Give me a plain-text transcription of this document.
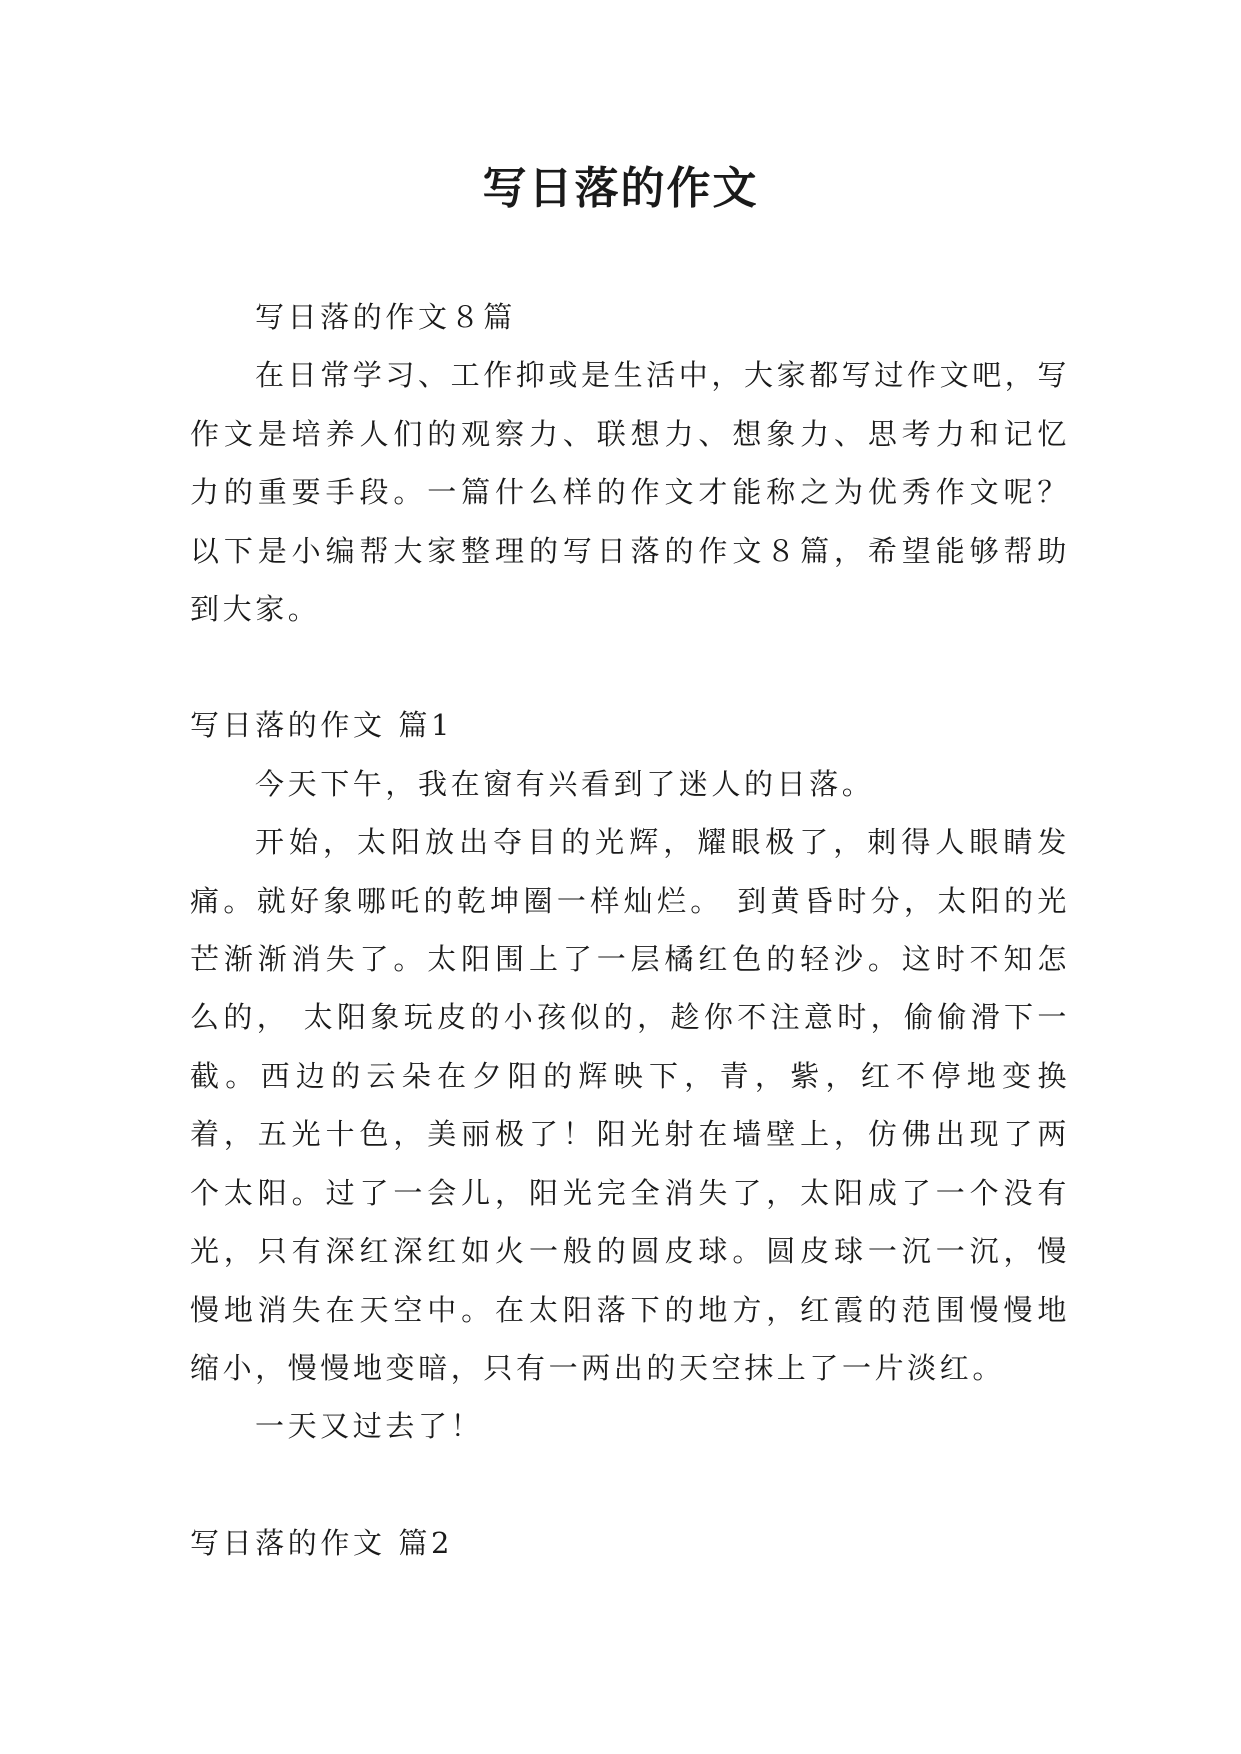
写日落的作文

写日落的作文８篇

在日常学习、工作抑或是生活中，大家都写过作文吧，写作文是培养人们的观察力、联想力、想象力、思考力和记忆力的重要手段。一篇什么样的作文才能称之为优秀作文呢？以下是小编帮大家整理的写日落的作文８篇，希望能够帮助到大家。

写日落的作文 篇1

今天下午，我在窗有兴看到了迷人的日落。

开始，太阳放出夺目的光辉，耀眼极了，刺得人眼睛发痛。就好象哪吒的乾坤圈一样灿烂。 到黄昏时分，太阳的光芒渐渐消失了。太阳围上了一层橘红色的轻沙。这时不知怎么的， 太阳象玩皮的小孩似的，趁你不注意时，偷偷滑下一截。西边的云朵在夕阳的辉映下，青，紫，红不停地变换着，五光十色，美丽极了！阳光射在墙壁上，仿佛出现了两个太阳。过了一会儿，阳光完全消失了，太阳成了一个没有光，只有深红深红如火一般的圆皮球。圆皮球一沉一沉，慢慢地消失在天空中。在太阳落下的地方，红霞的范围慢慢地缩小，慢慢地变暗，只有一两出的天空抹上了一片淡红。

一天又过去了！

写日落的作文 篇2
